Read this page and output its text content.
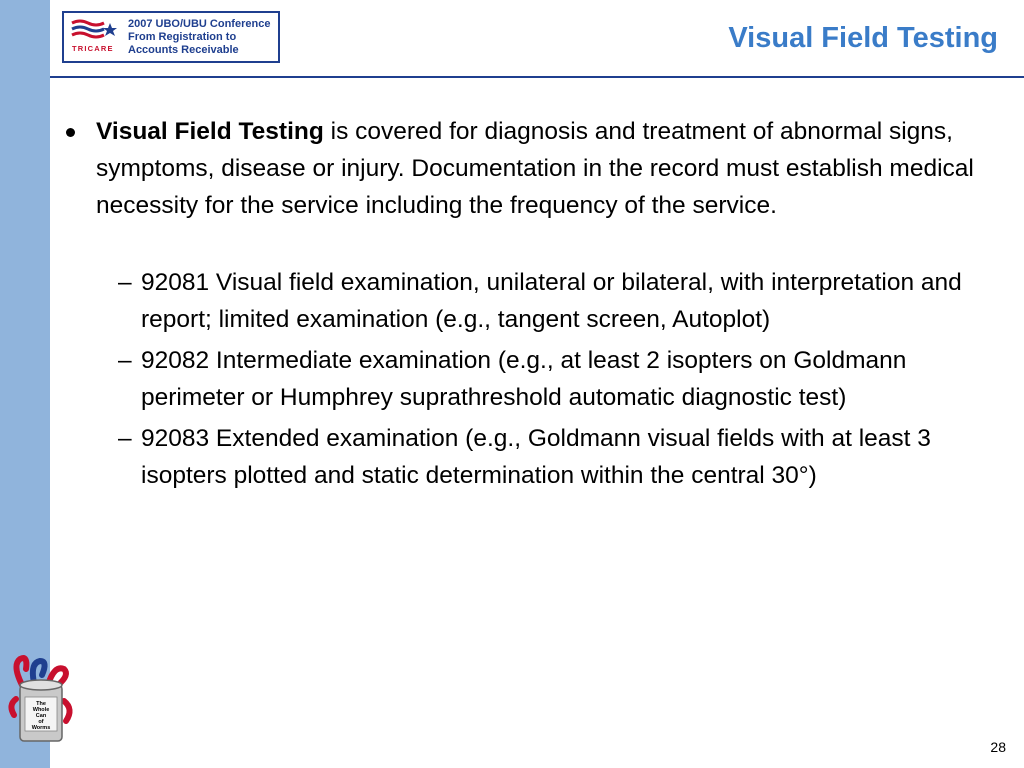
TRICARE
2007 UBO/UBU Conference
From Registration to
Accounts Receivable	Visual Field Testing
Visual Field Testing is covered for diagnosis and treatment of abnormal signs, symptoms, disease or injury. Documentation in the record must establish medical necessity for the service including the frequency of the service.
– 92081 Visual field examination, unilateral or bilateral, with interpretation and report; limited examination (e.g., tangent screen, Autoplot)
– 92082 Intermediate examination (e.g., at least 2 isopters on Goldmann perimeter or Humphrey suprathreshold automatic diagnostic test)
– 92083 Extended examination (e.g., Goldmann visual fields with at least 3 isopters plotted and static determination within the central 30°)
The
Whole
Can
of
Worms
28
